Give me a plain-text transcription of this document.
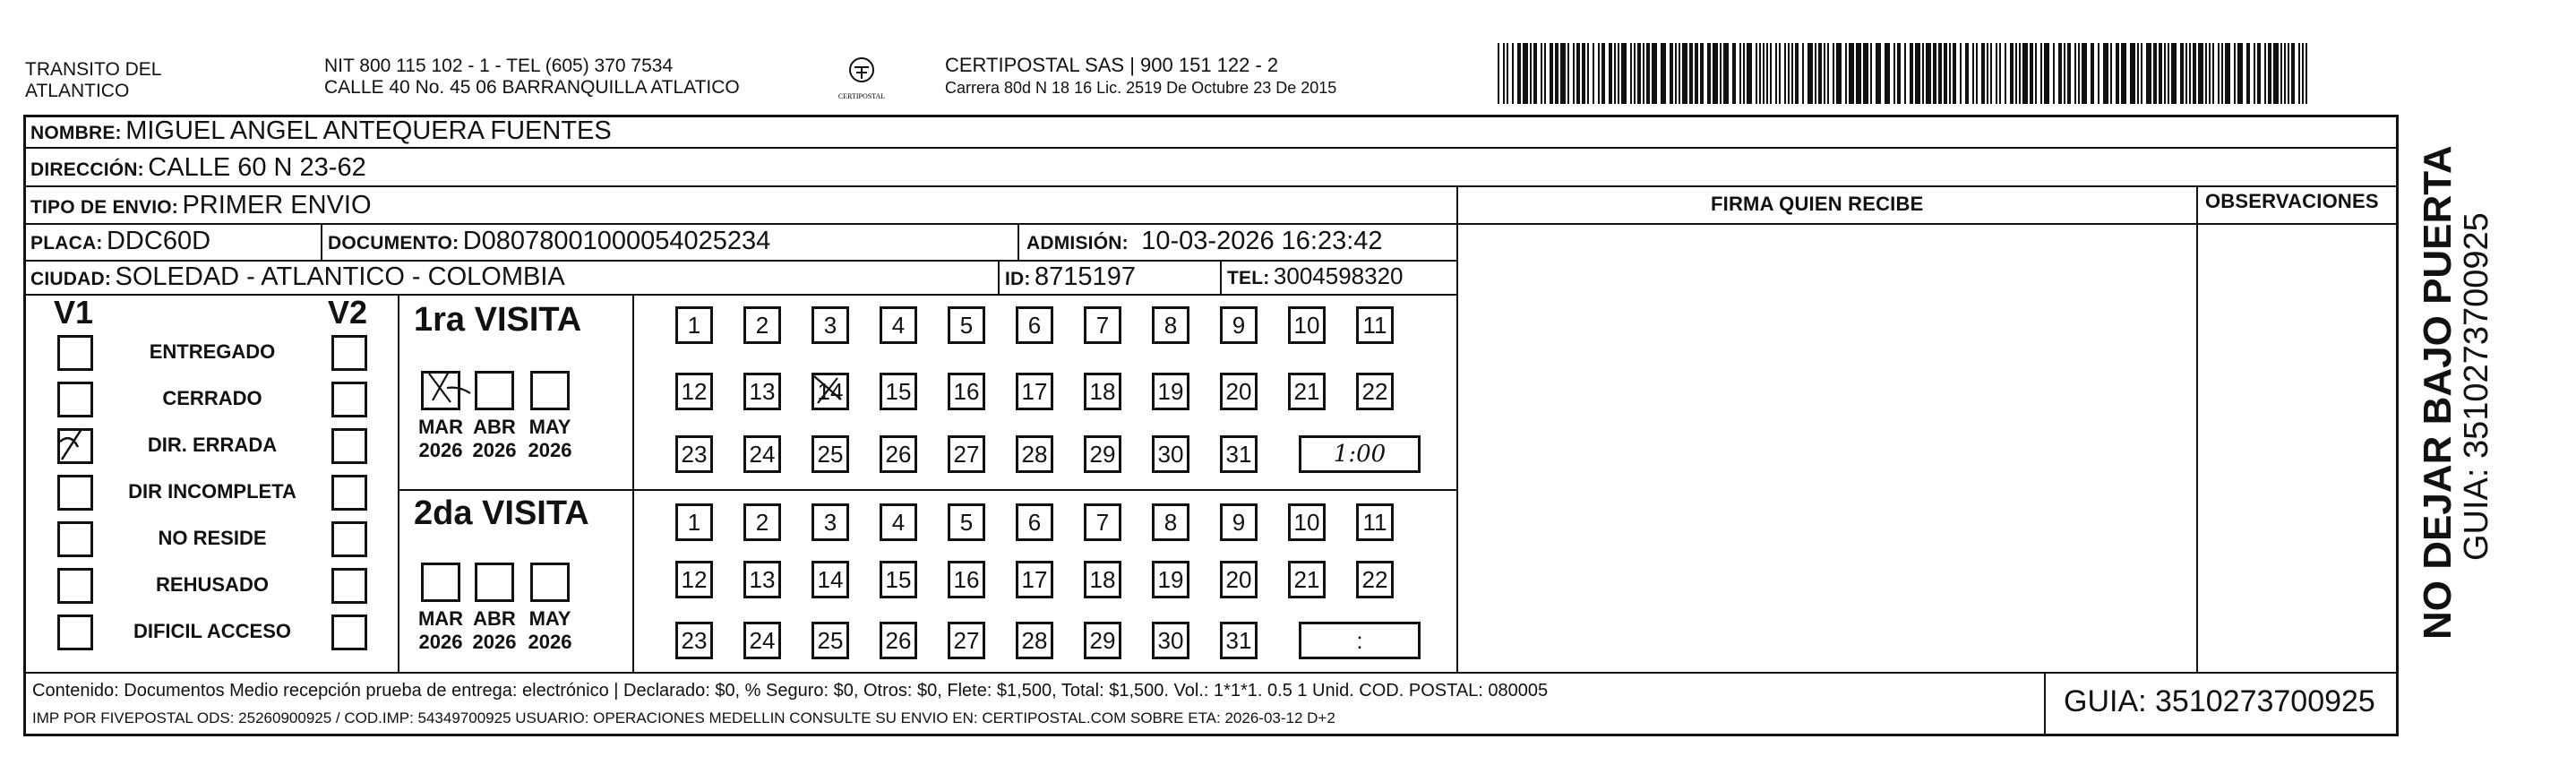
TRANSITO DEL
ATLANTICO
NIT 800 115 102 - 1 - TEL (605) 370 7534
CALLE 40 No. 45 06 BARRANQUILLA ATLATICO	CERTIPOSTAL
CERTIPOSTAL SAS | 900 151 122 - 2
Carrera 80d N 18 16 Lic. 2519 De Octubre 23 De 2015
NOMBRE: MIGUEL ANGEL ANTEQUERA FUENTES
DIRECCIÓN: CALLE 60 N 23-62
TIPO DE ENVIO: PRIMER ENVIO	FIRMA QUIEN RECIBE	OBSERVACIONES
PLACA: DDC60D	DOCUMENTO: D080780010000540252​34	ADMISIÓN: 10-03-2026 16:23:42
CIUDAD: SOLEDAD - ATLANTICO - COLOMBIA	ID: 8715197	TEL: 3004598320
V1	V2
ENTREGADO
CERRADO
DIR. ERRADA
DIR INCOMPLETA
NO RESIDE
REHUSADO
DIFICIL ACCESO
1ra VISITA
MAR
2026
ABR
2026
MAY
2026
1	2	3	4	5	6	7	8	9	10 11
12 13 14 15 16 17 18 19 20 21 22
23 24 25 26 27 28 29 30 31	1:00
2da VISITA
MAR
2026
ABR
2026
MAY
2026
1	2	3	4	5	6	7	8	9	10 11
12 13 14 15 16 17 18 19 20 21 22
23 24 25 26 27 28 29 30 31	:
Contenido: Documentos Medio recepción prueba de entrega: electrónico | Declarado: $0, % Seguro: $0, Otros: $0, Flete: $1,500, Total: $1,500. Vol.: 1*1*1. 0.5 1 Unid. COD. POSTAL: 080005
IMP POR FIVEPOSTAL ODS: 25260900925 / COD.IMP: 54349700925 USUARIO: OPERACIONES MEDELLIN CONSULTE SU ENVIO EN: CERTIPOSTAL.COM SOBRE ETA: 2026-03-12 D+2	GUIA: 3510273700925
NO DEJAR BAJO PUERTA
GUIA: 3510273700925
